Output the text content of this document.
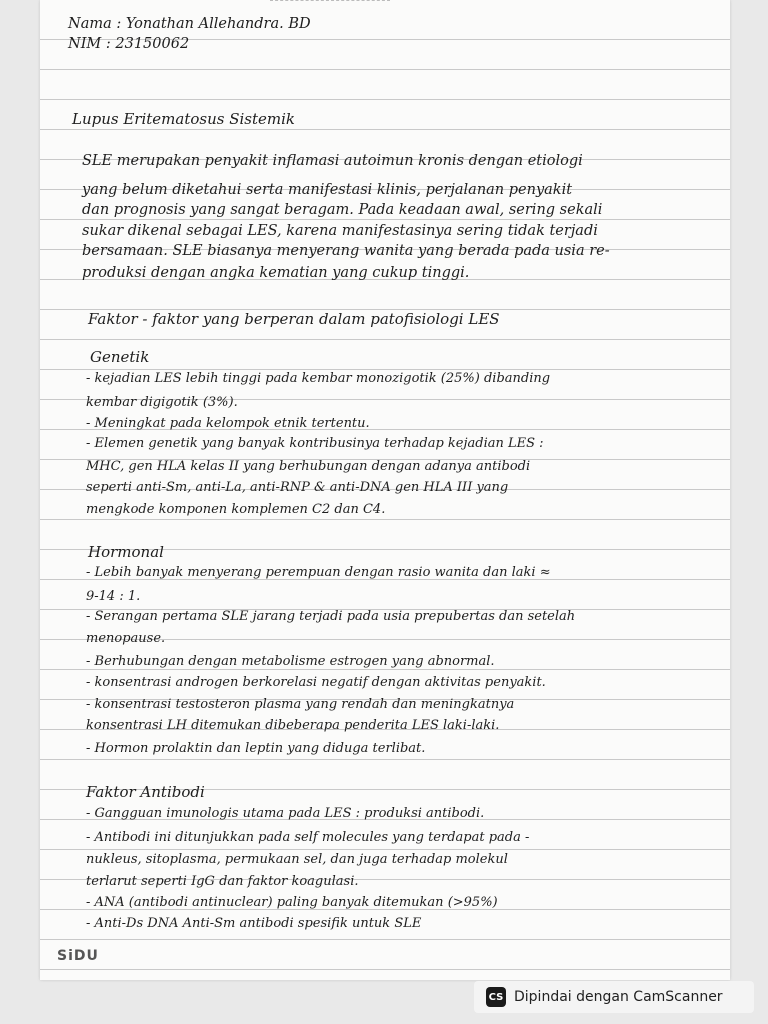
Nama : Yonathan Allehandra. BD
NIM : 23150062
Lupus Eritematosus Sistemik
SLE merupakan penyakit inflamasi autoimun kronis dengan etiologi
yang belum diketahui serta manifestasi klinis, perjalanan penyakit
dan prognosis yang sangat beragam. Pada keadaan awal, sering sekali
sukar dikenal sebagai LES, karena manifestasinya sering tidak terjadi
bersamaan. SLE biasanya menyerang wanita yang berada pada usia re-
produksi dengan angka kematian yang cukup tinggi.
Faktor - faktor yang berperan dalam patofisiologi LES
Genetik
- kejadian LES lebih tinggi pada kembar monozigotik (25%) dibanding
kembar digigotik (3%).
- Meningkat pada kelompok etnik tertentu.
- Elemen genetik yang banyak kontribusinya terhadap kejadian LES :
MHC, gen HLA kelas II yang berhubungan dengan adanya antibodi
seperti anti-Sm, anti-La, anti-RNP & anti-DNA gen HLA III yang
mengkode komponen komplemen C2 dan C4.
Hormonal
- Lebih banyak menyerang perempuan dengan rasio wanita dan laki ≈
9-14 : 1.
- Serangan pertama SLE jarang terjadi pada usia prepubertas dan setelah
menopause.
- Berhubungan dengan metabolisme estrogen yang abnormal.
- konsentrasi androgen berkorelasi negatif dengan aktivitas penyakit.
- konsentrasi testosteron plasma yang rendah dan meningkatnya
konsentrasi LH ditemukan dibeberapa penderita LES laki-laki.
- Hormon prolaktin dan leptin yang diduga terlibat.
Faktor Antibodi
- Gangguan imunologis utama pada LES : produksi antibodi.
- Antibodi ini ditunjukkan pada self molecules yang terdapat pada -
nukleus, sitoplasma, permukaan sel, dan juga terhadap molekul
terlarut seperti IgG dan faktor koagulasi.
- ANA (antibodi antinuclear) paling banyak ditemukan (>95%)
- Anti-Ds DNA Anti-Sm antibodi spesifik untuk SLE
SiDU
CS Dipindai dengan CamScanner
